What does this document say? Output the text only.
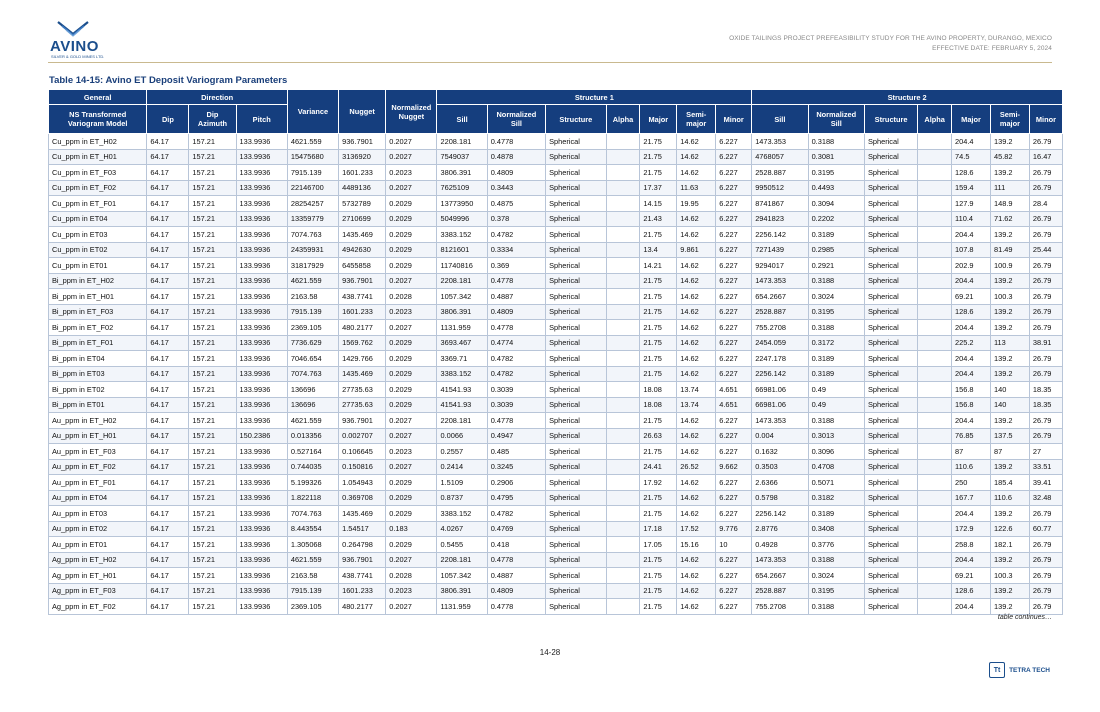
AVINO
SILVER & GOLD MINES LTD.
OXIDE TAILINGS PROJECT PREFEASIBILITY STUDY FOR THE AVINO PROPERTY, DURANGO, MEXICO
EFFECTIVE DATE: FEBRUARY 5, 2024
Table 14-15: Avino ET Deposit Variogram Parameters
General	Direction			Variance	Nugget	Normalized Nugget	Structure 1							Structure 2						
NS Transformed Variogram Model	Dip	Dip Azimuth	Pitch				Sill	Normalized Sill	Structure	Alpha	Major	Semi-major	Minor	Sill	Normalized Sill	Structure	Alpha	Major	Semi-major	Minor
Cu_ppm in ET_H02	64.17	157.21	133.9936	4621.559	936.7901	0.2027	2208.181	0.4778	Spherical		21.75	14.62	6.227	1473.353	0.3188	Spherical		204.4	139.2	26.79
Cu_ppm in ET_H01	64.17	157.21	133.9936	15475680	3136920	0.2027	7549037	0.4878	Spherical		21.75	14.62	6.227	4768057	0.3081	Spherical		74.5	45.82	16.47
Cu_ppm in ET_F03	64.17	157.21	133.9936	7915.139	1601.233	0.2023	3806.391	0.4809	Spherical		21.75	14.62	6.227	2528.887	0.3195	Spherical		128.6	139.2	26.79
Cu_ppm in ET_F02	64.17	157.21	133.9936	22146700	4489136	0.2027	7625109	0.3443	Spherical		17.37	11.63	6.227	9950512	0.4493	Spherical		159.4	111	26.79
Cu_ppm in ET_F01	64.17	157.21	133.9936	28254257	5732789	0.2029	13773950	0.4875	Spherical		14.15	19.95	6.227	8741867	0.3094	Spherical		127.9	148.9	28.4
Cu_ppm in ET04	64.17	157.21	133.9936	13359779	2710699	0.2029	5049996	0.378	Spherical		21.43	14.62	6.227	2941823	0.2202	Spherical		110.4	71.62	26.79
Cu_ppm in ET03	64.17	157.21	133.9936	7074.763	1435.469	0.2029	3383.152	0.4782	Spherical		21.75	14.62	6.227	2256.142	0.3189	Spherical		204.4	139.2	26.79
Cu_ppm in ET02	64.17	157.21	133.9936	24359931	4942630	0.2029	8121601	0.3334	Spherical		13.4	9.861	6.227	7271439	0.2985	Spherical		107.8	81.49	25.44
Cu_ppm in ET01	64.17	157.21	133.9936	31817929	6455858	0.2029	11740816	0.369	Spherical		14.21	14.62	6.227	9294017	0.2921	Spherical		202.9	100.9	26.79
Bi_ppm in ET_H02	64.17	157.21	133.9936	4621.559	936.7901	0.2027	2208.181	0.4778	Spherical		21.75	14.62	6.227	1473.353	0.3188	Spherical		204.4	139.2	26.79
Bi_ppm in ET_H01	64.17	157.21	133.9936	2163.58	438.7741	0.2028	1057.342	0.4887	Spherical		21.75	14.62	6.227	654.2667	0.3024	Spherical		69.21	100.3	26.79
Bi_ppm in ET_F03	64.17	157.21	133.9936	7915.139	1601.233	0.2023	3806.391	0.4809	Spherical		21.75	14.62	6.227	2528.887	0.3195	Spherical		128.6	139.2	26.79
Bi_ppm in ET_F02	64.17	157.21	133.9936	2369.105	480.2177	0.2027	1131.959	0.4778	Spherical		21.75	14.62	6.227	755.2708	0.3188	Spherical		204.4	139.2	26.79
Bi_ppm in ET_F01	64.17	157.21	133.9936	7736.629	1569.762	0.2029	3693.467	0.4774	Spherical		21.75	14.62	6.227	2454.059	0.3172	Spherical		225.2	113	38.91
Bi_ppm in ET04	64.17	157.21	133.9936	7046.654	1429.766	0.2029	3369.71	0.4782	Spherical		21.75	14.62	6.227	2247.178	0.3189	Spherical		204.4	139.2	26.79
Bi_ppm in ET03	64.17	157.21	133.9936	7074.763	1435.469	0.2029	3383.152	0.4782	Spherical		21.75	14.62	6.227	2256.142	0.3189	Spherical		204.4	139.2	26.79
Bi_ppm in ET02	64.17	157.21	133.9936	136696	27735.63	0.2029	41541.93	0.3039	Spherical		18.08	13.74	4.651	66981.06	0.49	Spherical		156.8	140	18.35
Bi_ppm in ET01	64.17	157.21	133.9936	136696	27735.63	0.2029	41541.93	0.3039	Spherical		18.08	13.74	4.651	66981.06	0.49	Spherical		156.8	140	18.35
Au_ppm in ET_H02	64.17	157.21	133.9936	4621.559	936.7901	0.2027	2208.181	0.4778	Spherical		21.75	14.62	6.227	1473.353	0.3188	Spherical		204.4	139.2	26.79
Au_ppm in ET_H01	64.17	157.21	150.2386	0.013356	0.002707	0.2027	0.0066	0.4947	Spherical		26.63	14.62	6.227	0.004	0.3013	Spherical		76.85	137.5	26.79
Au_ppm in ET_F03	64.17	157.21	133.9936	0.527164	0.106645	0.2023	0.2557	0.485	Spherical		21.75	14.62	6.227	0.1632	0.3096	Spherical		87	87	27
Au_ppm in ET_F02	64.17	157.21	133.9936	0.744035	0.150816	0.2027	0.2414	0.3245	Spherical		24.41	26.52	9.662	0.3503	0.4708	Spherical		110.6	139.2	33.51
Au_ppm in ET_F01	64.17	157.21	133.9936	5.199326	1.054943	0.2029	1.5109	0.2906	Spherical		17.92	14.62	6.227	2.6366	0.5071	Spherical		250	185.4	39.41
Au_ppm in ET04	64.17	157.21	133.9936	1.822118	0.369708	0.2029	0.8737	0.4795	Spherical		21.75	14.62	6.227	0.5798	0.3182	Spherical		167.7	110.6	32.48
Au_ppm in ET03	64.17	157.21	133.9936	7074.763	1435.469	0.2029	3383.152	0.4782	Spherical		21.75	14.62	6.227	2256.142	0.3189	Spherical		204.4	139.2	26.79
Au_ppm in ET02	64.17	157.21	133.9936	8.443554	1.54517	0.183	4.0267	0.4769	Spherical		17.18	17.52	9.776	2.8776	0.3408	Spherical		172.9	122.6	60.77
Au_ppm in ET01	64.17	157.21	133.9936	1.305068	0.264798	0.2029	0.5455	0.418	Spherical		17.05	15.16	10	0.4928	0.3776	Spherical		258.8	182.1	26.79
Ag_ppm in ET_H02	64.17	157.21	133.9936	4621.559	936.7901	0.2027	2208.181	0.4778	Spherical		21.75	14.62	6.227	1473.353	0.3188	Spherical		204.4	139.2	26.79
Ag_ppm in ET_H01	64.17	157.21	133.9936	2163.58	438.7741	0.2028	1057.342	0.4887	Spherical		21.75	14.62	6.227	654.2667	0.3024	Spherical		69.21	100.3	26.79
Ag_ppm in ET_F03	64.17	157.21	133.9936	7915.139	1601.233	0.2023	3806.391	0.4809	Spherical		21.75	14.62	6.227	2528.887	0.3195	Spherical		128.6	139.2	26.79
Ag_ppm in ET_F02	64.17	157.21	133.9936	2369.105	480.2177	0.2027	1131.959	0.4778	Spherical		21.75	14.62	6.227	755.2708	0.3188	Spherical		204.4	139.2	26.79
table continues…
14-28
Tt	TETRA TECH
